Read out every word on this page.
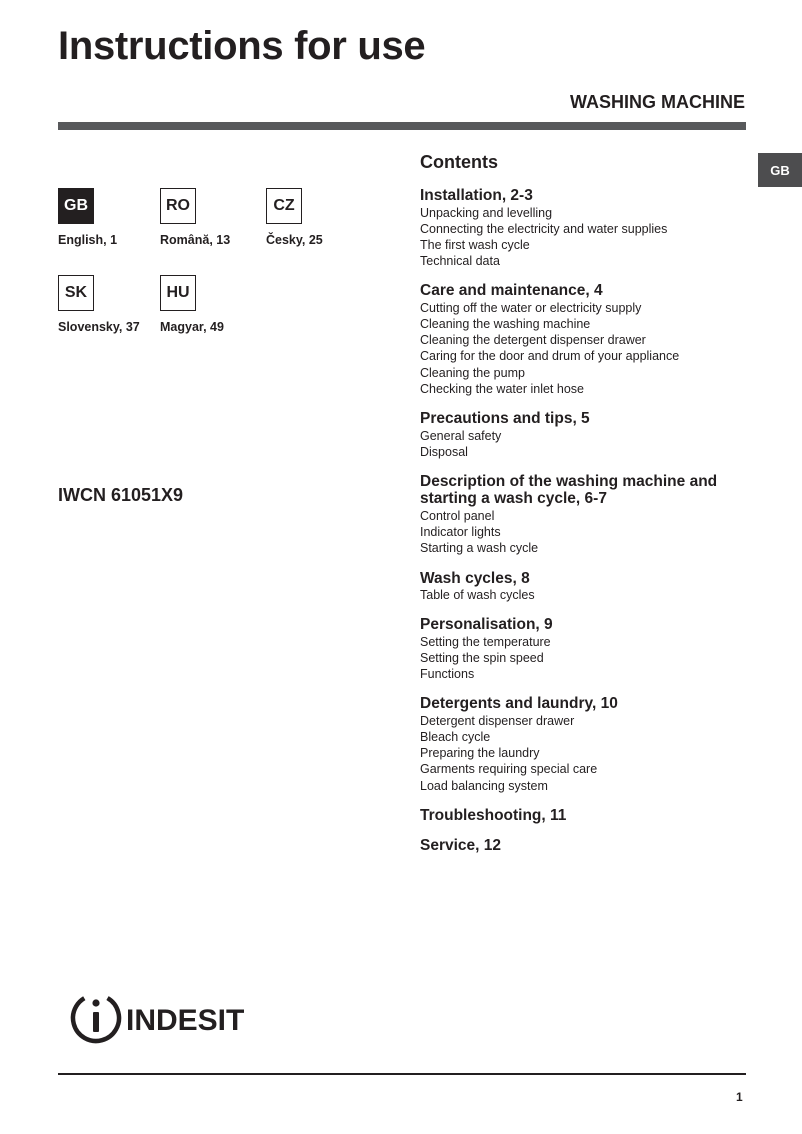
Instructions for use
WASHING MACHINE
GB
GB
English, 1
RO
Română, 13
CZ
Česky, 25
SK
Slovensky, 37
HU
Magyar, 49
IWCN 61051X9
Contents
Installation, 2-3
Unpacking and levelling
Connecting the electricity and water supplies
The first wash cycle
Technical data
Care and maintenance, 4
Cutting off the water or electricity supply
Cleaning the washing machine
Cleaning the detergent dispenser drawer
Caring for the door and drum of your appliance
Cleaning the pump
Checking the water inlet hose
Precautions and tips, 5
General safety
Disposal
Description of the washing machine and starting a wash cycle, 6-7
Control panel
Indicator lights
Starting a wash cycle
Wash cycles, 8
Table of wash cycles
Personalisation, 9
Setting the temperature
Setting the spin speed
Functions
Detergents and laundry, 10
Detergent dispenser drawer
Bleach cycle
Preparing the laundry
Garments requiring special care
Load balancing system
Troubleshooting, 11
Service, 12
INDESIT
1
